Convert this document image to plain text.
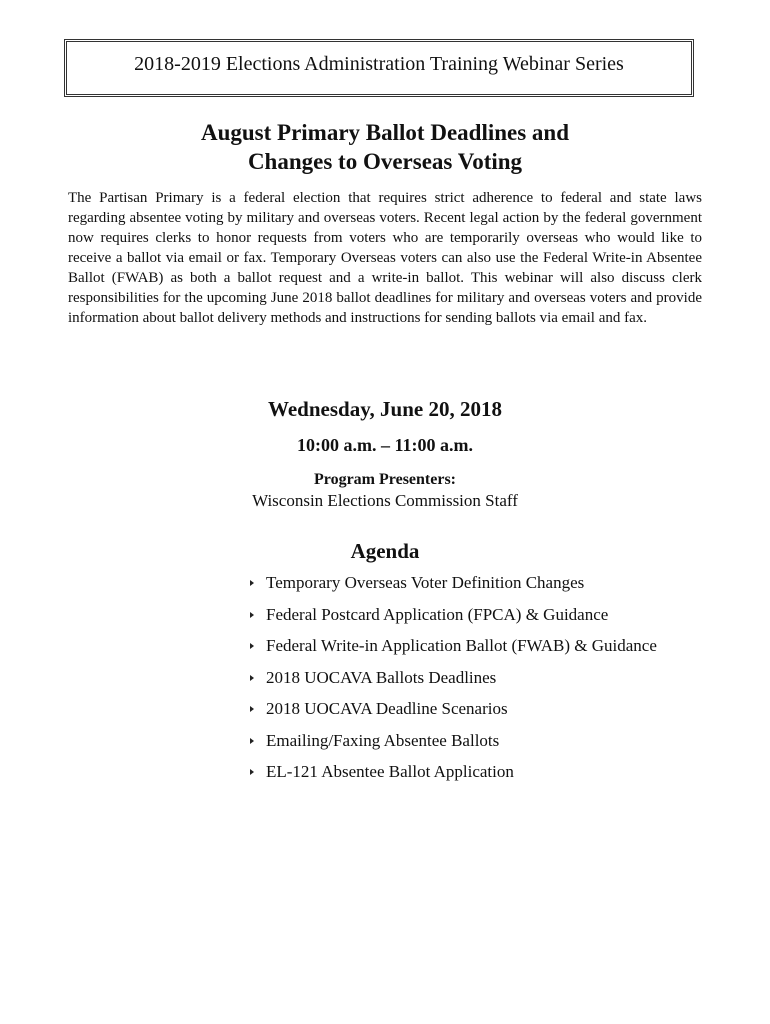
2018-2019 Elections Administration Training Webinar Series
August Primary Ballot Deadlines and
Changes to Overseas Voting

The Partisan Primary is a federal election that requires strict adherence to federal and state laws regarding absentee voting by military and overseas voters. Recent legal action by the federal government now requires clerks to honor requests from voters who are temporarily overseas who would like to receive a ballot via email or fax. Temporary Overseas voters can also use the Federal Write-in Absentee Ballot (FWAB) as both a ballot request and a write-in ballot. This webinar will also discuss clerk responsibilities for the upcoming June 2018 ballot deadlines for military and overseas voters and provide information about ballot delivery methods and instructions for sending ballots via email and fax.

Wednesday, June 20, 2018
10:00 a.m. – 11:00 a.m.
Program Presenters:
Wisconsin Elections Commission Staff
Agenda
Temporary Overseas Voter Definition Changes
Federal Postcard Application (FPCA) & Guidance
Federal Write-in Application Ballot (FWAB) & Guidance
2018 UOCAVA Ballots Deadlines
2018 UOCAVA Deadline Scenarios
Emailing/Faxing Absentee Ballots
EL-121 Absentee Ballot Application
